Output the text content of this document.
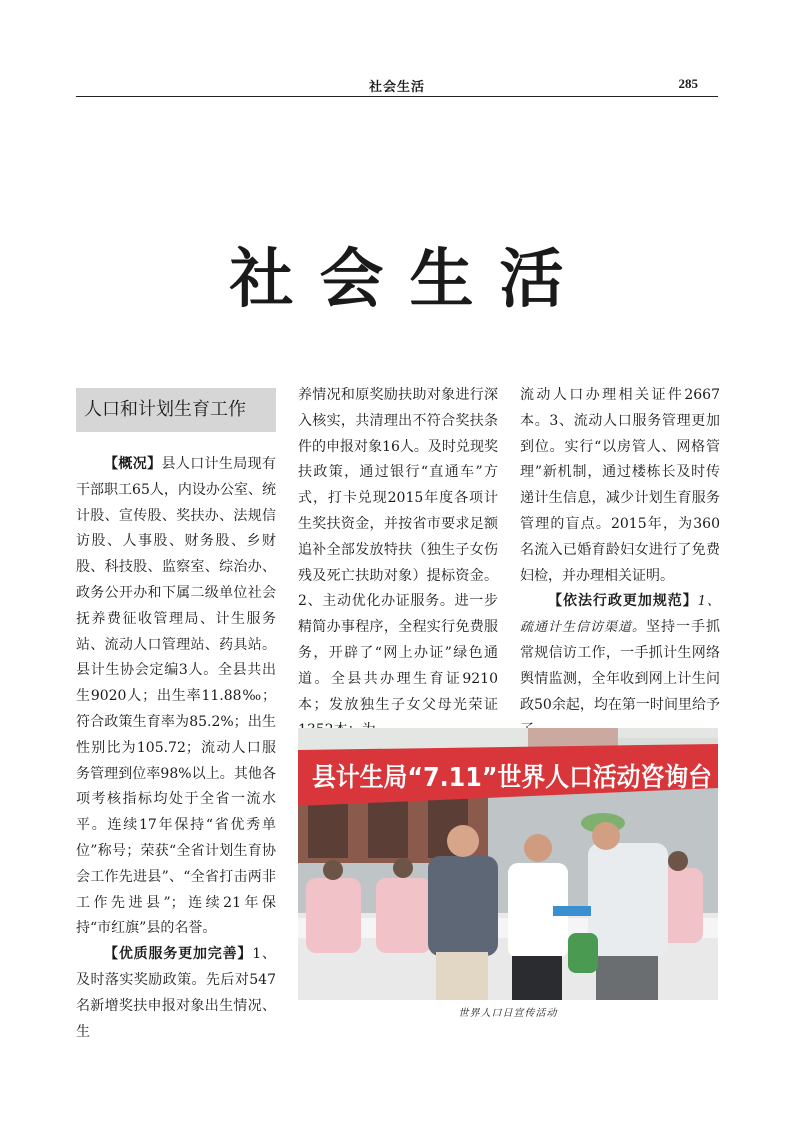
社会生活	285
社会生活
人口和计划生育工作

【概况】县人口计生局现有干部职工65人，内设办公室、统计股、宣传股、奖扶办、法规信访股、人事股、财务股、乡财股、科技股、监察室、综治办、政务公开办和下属二级单位社会抚养费征收管理局、计生服务站、流动人口管理站、药具站。县计生协会定编3人。全县共出生9020人；出生率11.88‰；符合政策生育率为85.2%；出生性别比为105.72；流动人口服务管理到位率98%以上。其他各项考核指标均处于全省一流水平。连续17年保持“省优秀单位”称号；荣获“全省计划生育协会工作先进县”、“全省打击两非工作先进县”；连续21年保持“市红旗”县的名誉。

【优质服务更加完善】1、及时落实奖励政策。先后对547名新增奖扶申报对象出生情况、生

养情况和原奖励扶助对象进行深入核实，共清理出不符合奖扶条件的申报对象16人。及时兑现奖扶政策，通过银行“直通车”方式，打卡兑现2015年度各项计生奖扶资金，并按省市要求足额追补全部发放特扶（独生子女伤残及死亡扶助对象）提标资金。2、主动优化办证服务。进一步精简办事程序，全程实行免费服务，开辟了“网上办证”绿色通道。全县共办理生育证9210本；发放独生子女父母光荣证

流动人口办理相关证件2667本。3、流动人口服务管理更加到位。实行“以房管人、网格管理”新机制，通过楼栋长及时传递计生信息，减少计划生育服务管理的盲点。2015年，为360名流入已婚育龄妇女进行了免费妇检，并办理相关证明。

【依法行政更加规范】1、疏通计生信访渠道。坚持一手抓常规信访工作，一手抓计生网络舆情监测，全年收到网上计生问政50余起，均在第一时间里给予

县计生局“7.11”世界人口活动咨询台
世界人口日宣传活动
